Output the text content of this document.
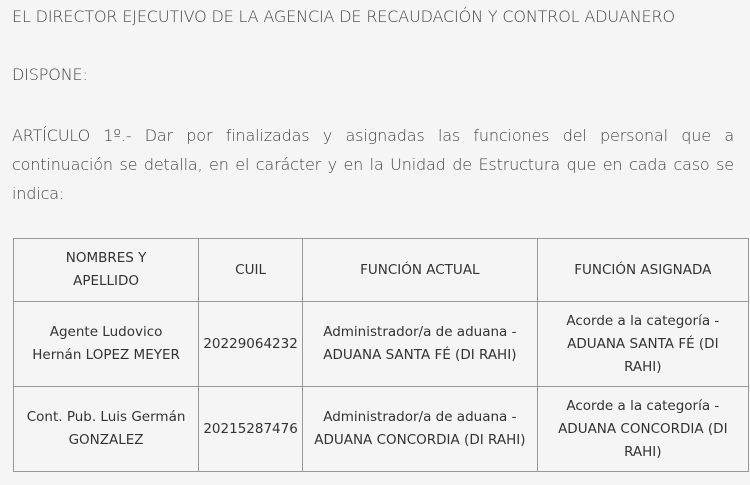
EL DIRECTOR EJECUTIVO DE LA AGENCIA DE RECAUDACIÓN Y CONTROL ADUANERO
DISPONE:
ARTÍCULO 1º.- Dar por finalizadas y asignadas las funciones del personal que a continuación se detalla, en el carácter y en la Unidad de Estructura que en cada caso se indica:
NOMBRES Y APELLIDO	CUIL	FUNCIÓN ACTUAL	FUNCIÓN ASIGNADA
Agente Ludovico Hernán LOPEZ MEYER	20229064232	Administrador/a de aduana - ADUANA SANTA FÉ (DI RAHI)	Acorde a la categoría - ADUANA SANTA FÉ (DI RAHI)
Cont. Pub. Luis Germán GONZALEZ	20215287476	Administrador/a de aduana - ADUANA CONCORDIA (DI RAHI)	Acorde a la categoría - ADUANA CONCORDIA (DI RAHI)
